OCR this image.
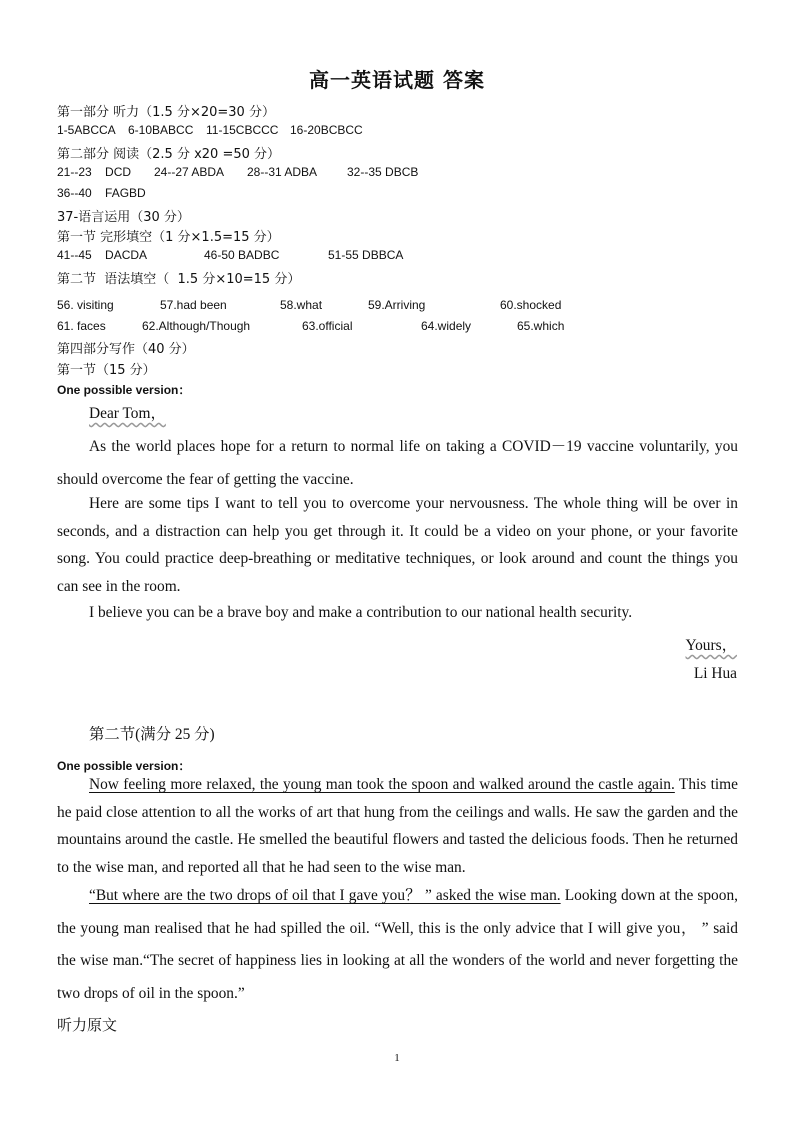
高一英语试题 答案
第一部分 听力（1.5 分×20=30 分）
1-5ABCCA 6-10BABCC 11-15CBCCC 16-20BCBCC
第二部分 阅读（2.5 分 x20 =50 分）
21--23    DCD 24--27 ABDA 28--31 ADBA 32--35 DBCB
36--40    FAGBD
37-语言运用（30 分）
第一节 完形填空（1 分×1.5=15 分）
41--45    DACDA	46-50 BADBC	51-55 DBBCA
第二节  语法填空（  1.5 分×10=15 分）
56. visiting	57.had been	58.what	59.Arriving	60.shocked
61. faces	62.Although/Though	63.official	64.widely	65.which
第四部分写作（40 分）
第一节（15 分）
One possible version：
Dear Tom，
As the world places hope for a return to normal life on taking a COVID－19 vaccine voluntarily, you should overcome the fear of getting the vaccine.
Here are some tips I want to tell you to overcome your nervousness. The whole thing will be over in seconds, and a distraction can help you get through it. It could be a video on your phone, or your favorite song. You could practice deep-breathing or meditative techniques, or look around and count the things you can see in the room.
I believe you can be a brave boy and make a contribution to our national health security.
Yours，
Li Hua
第二节(满分 25 分)
One possible version：
Now feeling more relaxed, the young man took the spoon and walked around the castle again. This time he paid close attention to all the works of art that hung from the ceilings and walls. He saw the garden and the mountains around the castle. He smelled the beautiful flowers and tasted the delicious foods. Then he returned to the wise man, and reported all that he had seen to the wise man.
“But where are the two drops of oil that I gave you？ ” asked the wise man. Looking down at the spoon, the young man realised that he had spilled the oil. “Well, this is the only advice that I will give you， ” said the wise man.“The secret of happiness lies in looking at all the wonders of the world and never forgetting the two drops of oil in the spoon.”
听力原文
1
